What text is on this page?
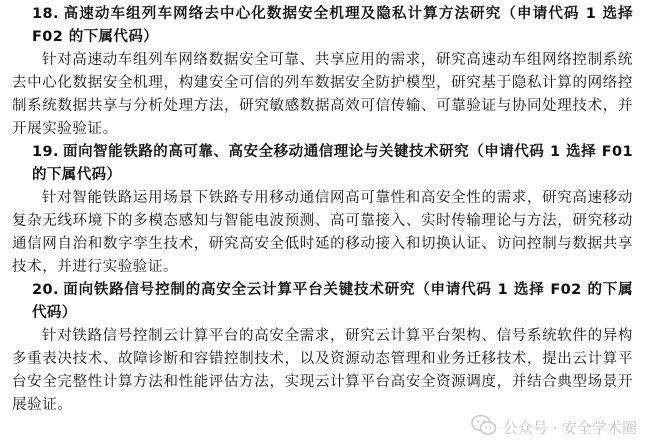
18. 高速动车组列车网络去中心化数据安全机理及隐私计算方法研究（申请代码 1 选择 F02 的下属代码）

针对高速动车组列车网络数据安全可靠、共享应用的需求，研究高速动车组网络控制系统去中心化数据安全机理，构建安全可信的列车数据安全防护模型，研究基于隐私计算的网络控制系统数据共享与分析处理方法，研究敏感数据高效可信传输、可靠验证与协同处理技术，并开展实验验证。

19. 面向智能铁路的高可靠、高安全移动通信理论与关键技术研究（申请代码 1 选择 F01 的下属代码）

针对智能铁路运用场景下铁路专用移动通信网高可靠性和高安全性的需求，研究高速移动复杂无线环境下的多模态感知与智能电波预测、高可靠接入、实时传输理论与方法，研究移动通信网自治和数字孪生技术，研究高安全低时延的移动接入和切换认证、访问控制与数据共享技术，并进行实验验证。

20. 面向铁路信号控制的高安全云计算平台关键技术研究（申请代码 1 选择 F02 的下属代码）

针对铁路信号控制云计算平台的高安全需求，研究云计算平台架构、信号系统软件的异构多重表决技术、故障诊断和容错控制技术，以及资源动态管理和业务迁移技术，提出云计算平台安全完整性计算方法和性能评估方法，实现云计算平台高安全资源调度，并结合典型场景开展验证。

公众号 · 安全学术圈
